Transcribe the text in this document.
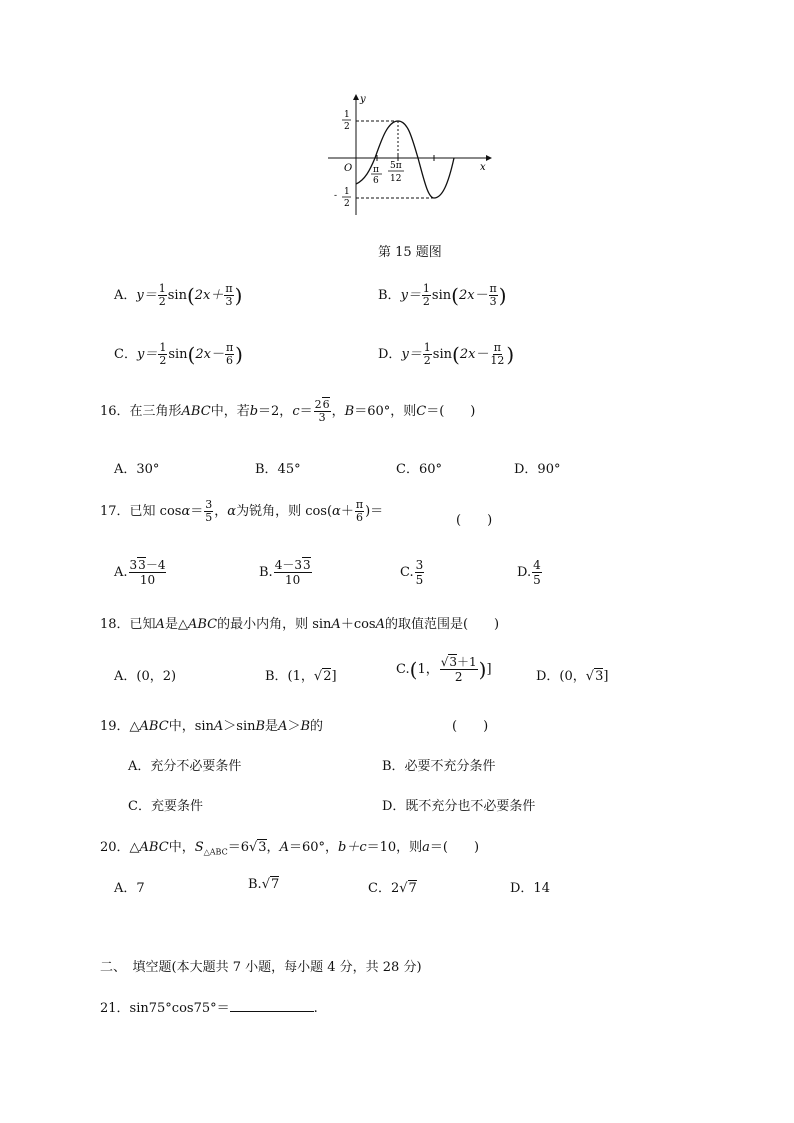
y
x
O
1
2
- 1
2
π
6
5π
12
第 15 题图
A．$y= \frac{1}{2} \sin(2x+ \frac{\pi}{3}$ )	B．$y= \frac{1}{2} \sin(2x- \frac{\pi}{3}$ )
C．$y= \frac{1}{2} \sin(2x- \frac{\pi}{6}$ )	D．$y= \frac{1}{2} \sin(2x- \frac{\pi}{12}$ )
16．在三角形ABC中，若b＝2，$c= \frac{26}{3}$ ，B＝60°，则C＝(　　)
A．30°	B．45°	C．60°	D．90°
17．已知 $\cos\alpha= \frac{3}{5}$ ，α为锐角，则 $\cos(\alpha+ \frac{\pi}{6}$ )＝
(　　)
A. $\frac{33-4}{10}$	B. $\frac{4-33}{10}$	C. $\frac{3}{5}$	D. $\frac{4}{5}$
18．已知A是△ABC的最小内角，则 sinA＋cosA的取值范围是(　　)
A．(0，2)	B．(1，√2]	C.(1， $\frac{√3+1}{2}$ )]	D．(0，√3]
19．△ABC中，sinA＞sinB是A＞B的	(　　)
A．充分不必要条件	B．必要不充分条件
C．充要条件	D．既不充分也不必要条件
20．△ABC中，$S_{\triangle ABC}=6√3$，A＝60°，b＋c＝10，则a＝(　　)
A．7	B.√7	C．2√7	D．14
二、　填空题(本大题共 7 小题，每小题 4 分，共 28 分)
21．sin75°cos75°＝	.
